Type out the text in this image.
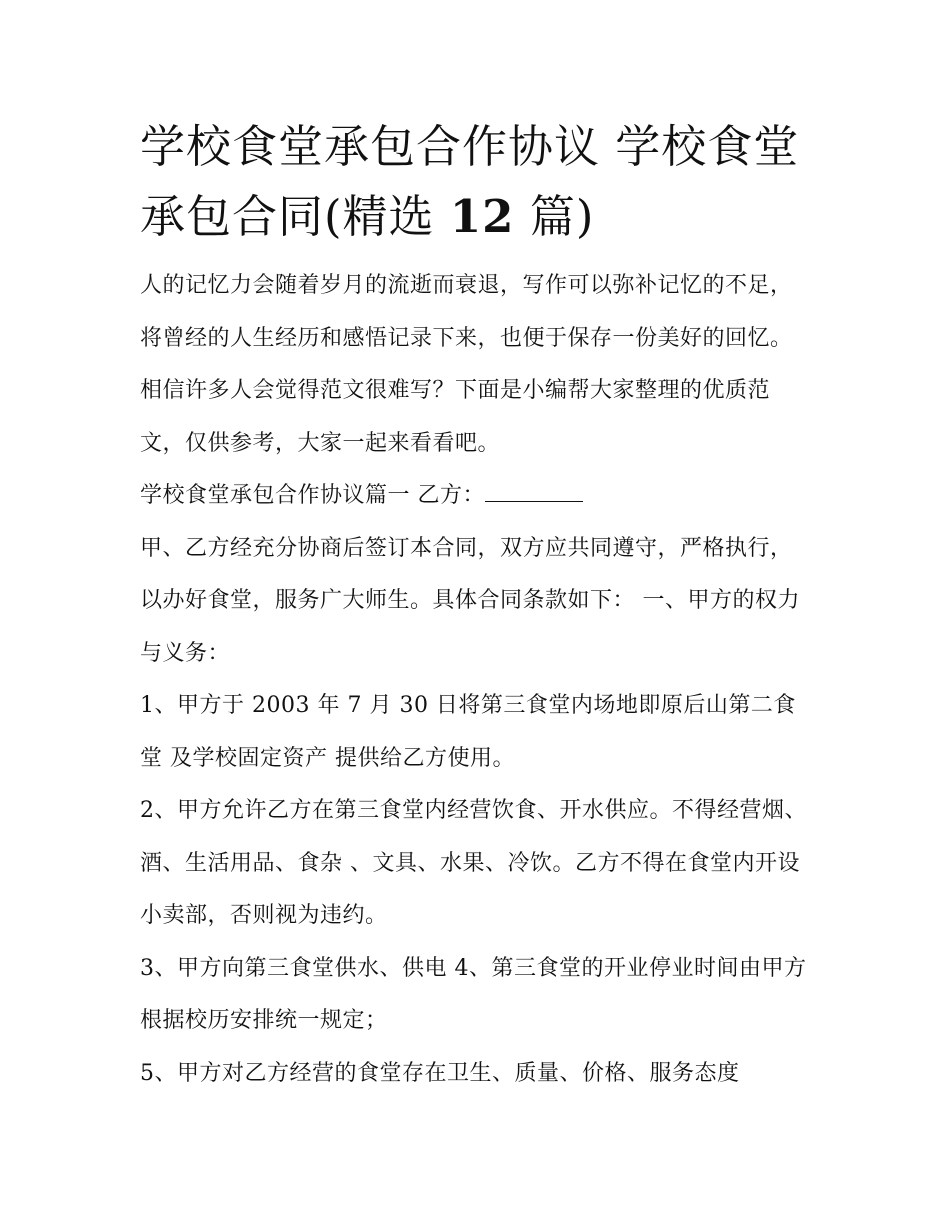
学校食堂承包合作协议 学校食堂承包合同(精选 12 篇)

人的记忆力会随着岁月的流逝而衰退，写作可以弥补记忆的不足，将曾经的人生经历和感悟记录下来，也便于保存一份美好的回忆。相信许多人会觉得范文很难写？下面是小编帮大家整理的优质范文，仅供参考，大家一起来看看吧。

学校食堂承包合作协议篇一 乙方：

甲、乙方经充分协商后签订本合同，双方应共同遵守，严格执行，以办好食堂，服务广大师生。具体合同条款如下： 一、甲方的权力与义务：

1、甲方于 2003 年 7 月 30 日将第三食堂内场地即原后山第二食堂 及学校固定资产 提供给乙方使用。

2、甲方允许乙方在第三食堂内经营饮食、开水供应。不得经营烟、酒、生活用品、食杂 、文具、水果、冷饮。乙方不得在食堂内开设小卖部，否则视为违约。

3、甲方向第三食堂供水、供电 4、第三食堂的开业停业时间由甲方根据校历安排统一规定；

5、甲方对乙方经营的食堂存在卫生、质量、价格、服务态度
